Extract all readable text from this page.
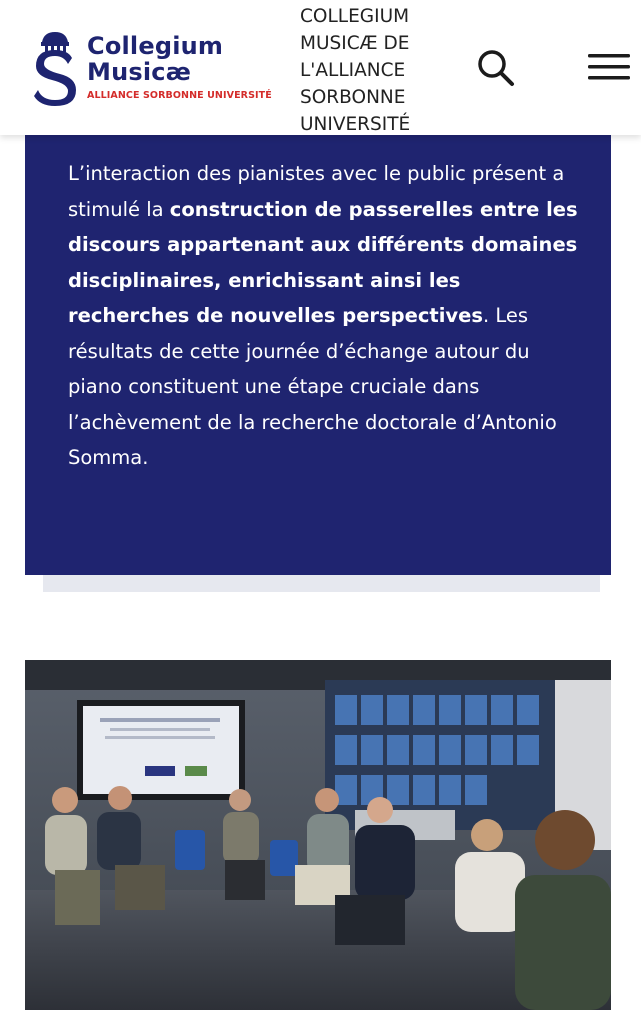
Collegium
Musicæ
ALLIANCE SORBONNE UNIVERSITÉ
COLLEGIUM MUSICÆ DE L'ALLIANCE SORBONNE UNIVERSITÉ
L’interaction des pianistes avec le public présent a stimulé la construction de passerelles entre les discours appartenant aux différents domaines disciplinaires, enrichissant ainsi les recherches de nouvelles perspectives. Les résultats de cette journée d’échange autour du piano constituent une étape cruciale dans l’achèvement de la recherche doctorale d’Antonio Somma.
